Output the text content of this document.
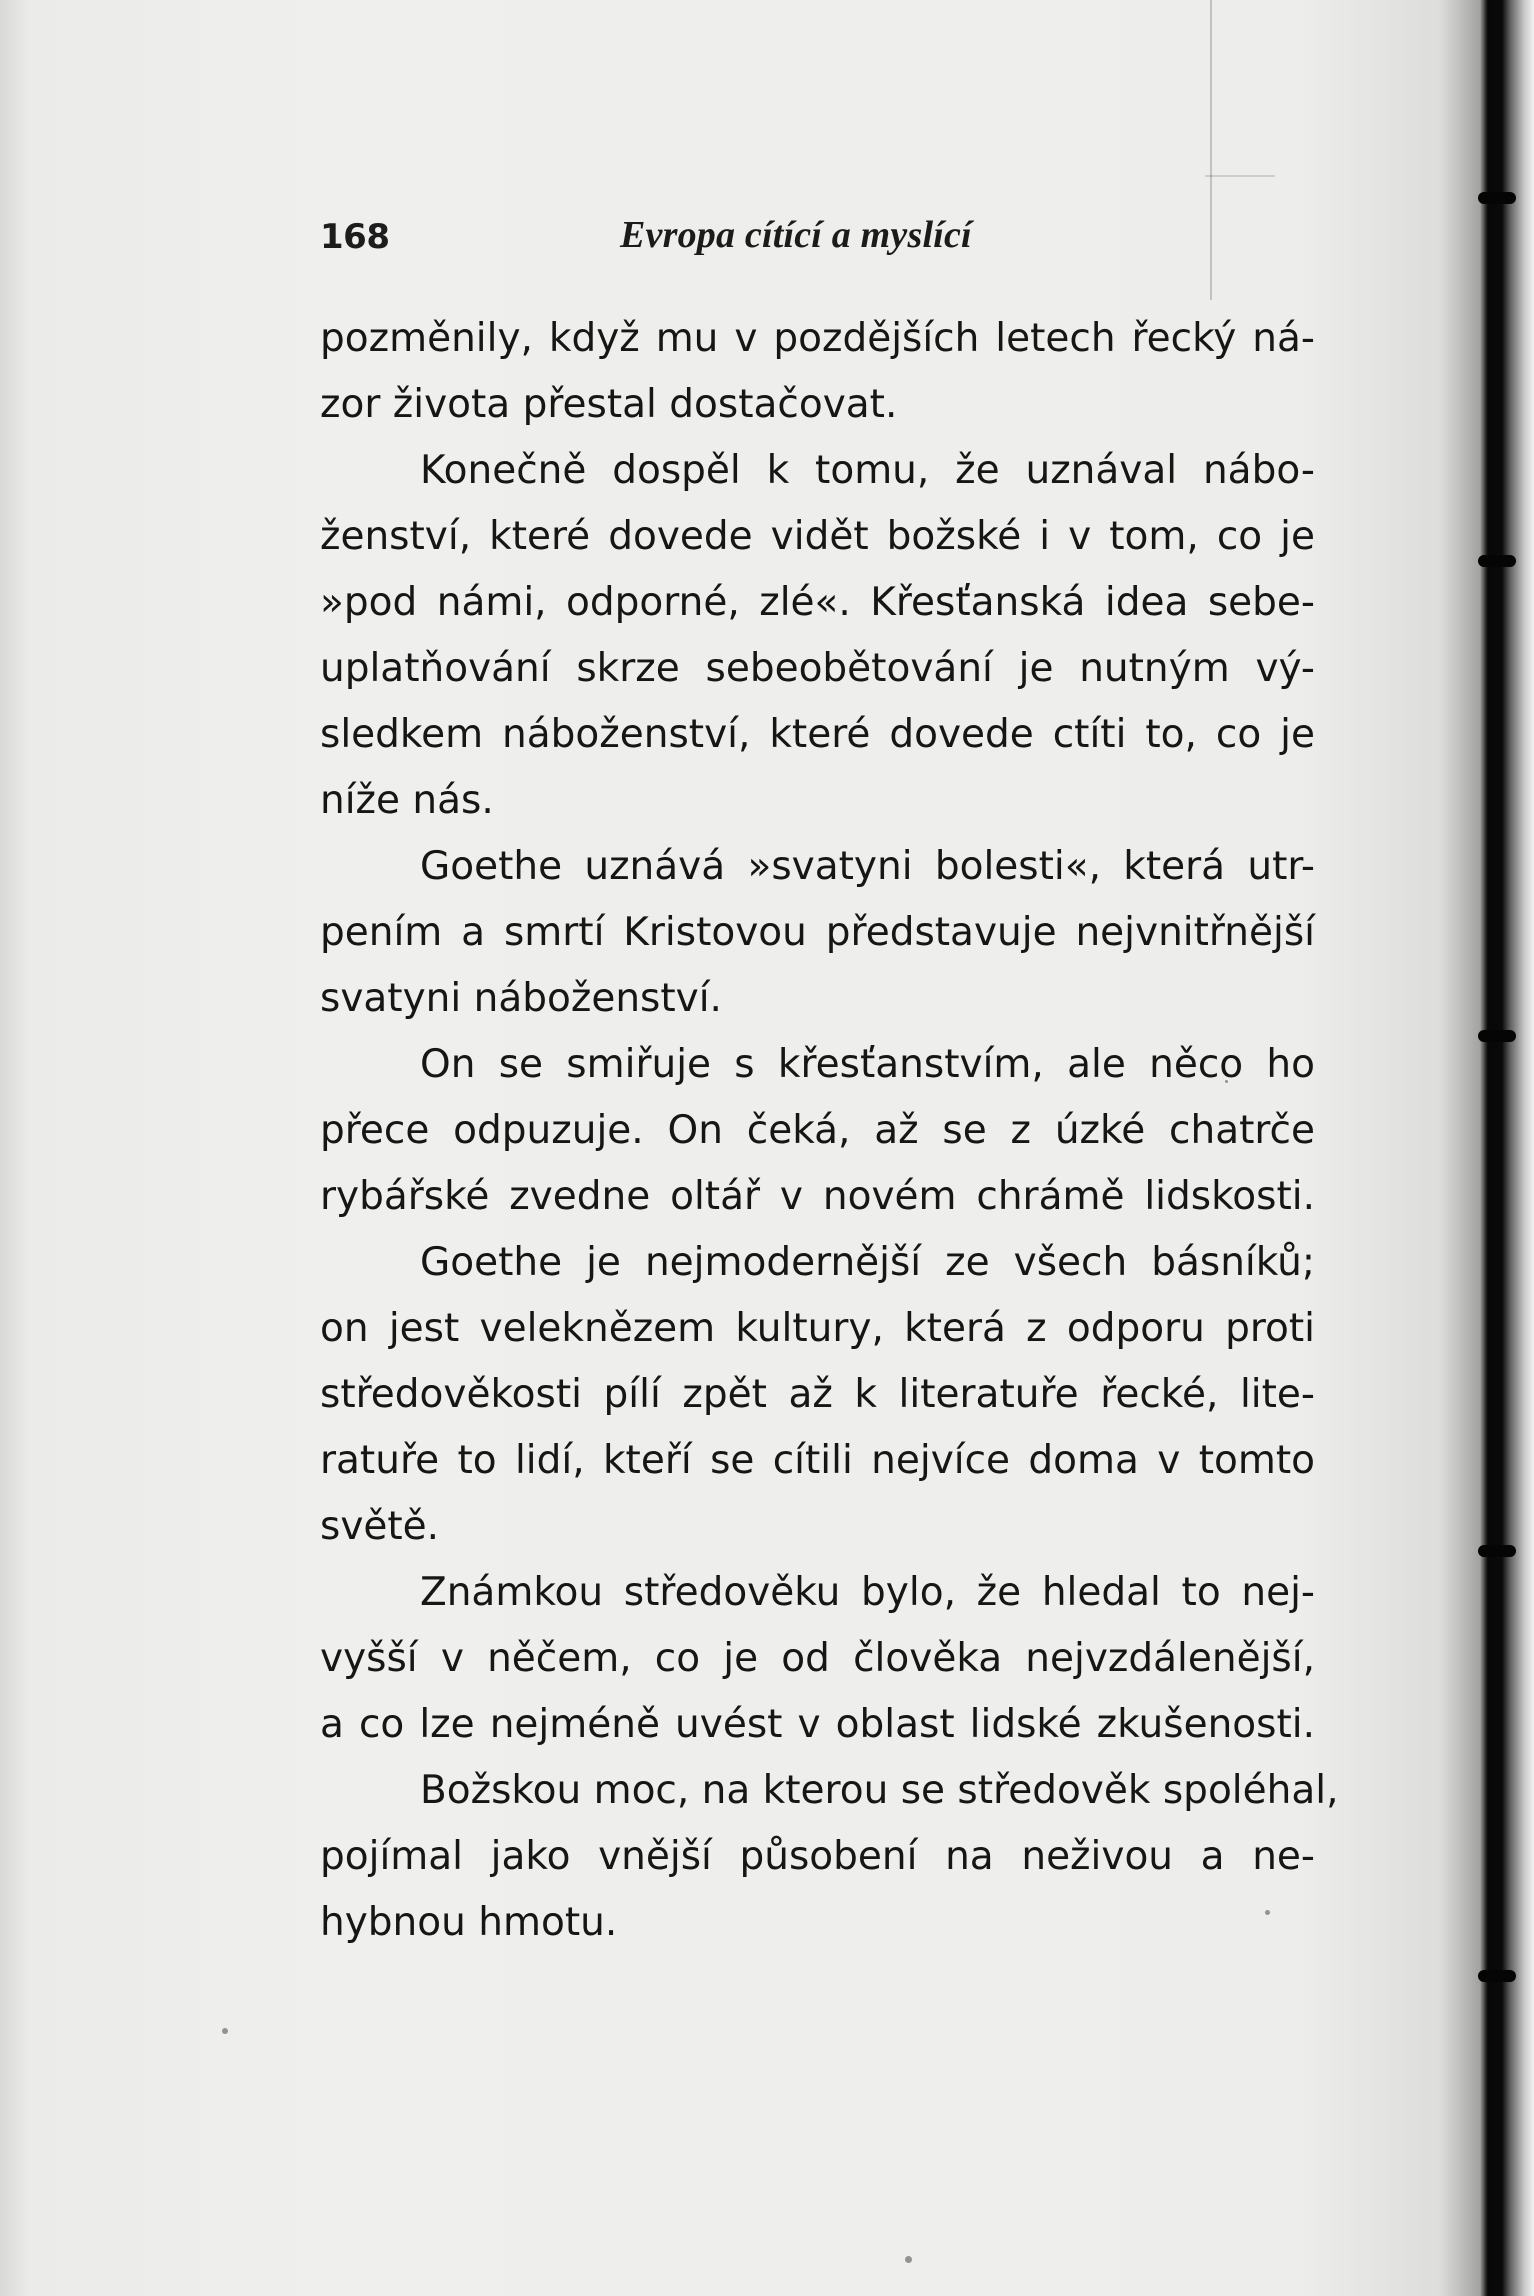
168	Evropa cítící a myslící
pozměnily, když mu v pozdějších letech řecký ná-
zor života přestal dostačovat.
Konečně dospěl k tomu, že uznával nábo-
ženství, které dovede vidět božské i v tom, co je
»pod námi, odporné, zlé«. Křesťanská idea sebe-
uplatňování skrze sebeobětování je nutným vý-
sledkem náboženství, které dovede ctíti to, co je
níže nás.
Goethe uznává »svatyni bolesti«, která utr-
pením a smrtí Kristovou představuje nejvnitřnější
svatyni náboženství.
On se smiřuje s křesťanstvím, ale něco ho
přece odpuzuje. On čeká, až se z úzké chatrče
rybářské zvedne oltář v novém chrámě lidskosti.
Goethe je nejmodernější ze všech básníků;
on jest veleknězem kultury, která z odporu proti
středověkosti pílí zpět až k literatuře řecké, lite-
ratuře to lidí, kteří se cítili nejvíce doma v tomto
světě.
Známkou středověku bylo, že hledal to nej-
vyšší v něčem, co je od člověka nejvzdálenější,
a co lze nejméně uvést v oblast lidské zkušenosti.
Božskou moc, na kterou se středověk spoléhal,
pojímal jako vnější působení na neživou a ne-
hybnou hmotu.
